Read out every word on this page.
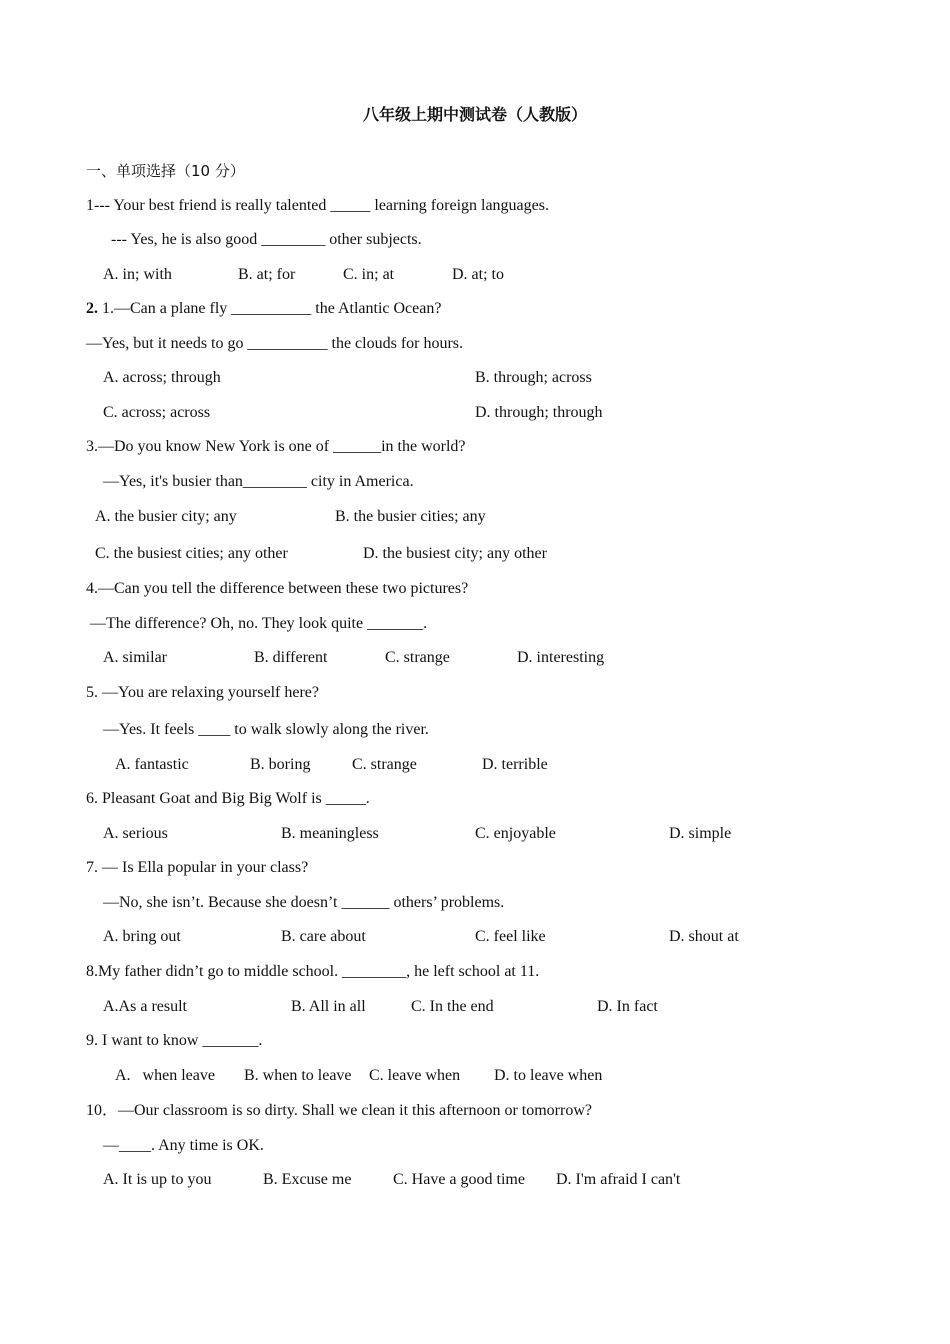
八年级上期中测试卷（人教版）
一、单项选择（10 分）
1--- Your best friend is really talented _____ learning foreign languages.
--- Yes, he is also good ________ other subjects.
A. in; with	B. at; for	C. in; at	D. at; to
2. 1.—Can a plane fly __________ the Atlantic Ocean?
—Yes, but it needs to go __________ the clouds for hours.
A. across; through	B. through; across
C. across; across	D. through; through
3.—Do you know New York is one of ______in the world?
—Yes, it's busier than________ city in America.
A. the busier city; any	B. the busier cities; any
C. the busiest cities; any other	D. the busiest city; any other
4.—Can you tell the difference between these two pictures?
—The difference? Oh, no. They look quite _______.
A. similar	B. different	C. strange	D. interesting
5. —You are relaxing yourself here?
—Yes. It feels ____ to walk slowly along the river.
A. fantastic	B. boring	C. strange	D. terrible
6. Pleasant Goat and Big Big Wolf is _____.
A. serious	B. meaningless	C. enjoyable	D. simple
7. — Is Ella popular in your class?
—No, she isn’t. Because she doesn’t ______ others’ problems.
A. bring out	B. care about	C. feel like	D. shout at
8.My father didn’t go to middle school. ________, he left school at 11.
A.As a result	B. All in all	C. In the end	D. In fact
9. I want to know _______.
A.   when leave B. when to leave C. leave when D. to leave when
10．—Our classroom is so dirty. Shall we clean it this afternoon or tomorrow?
—____. Any time is OK.
A. It is up to you	B. Excuse me	C. Have a good time D. I'm afraid I can't
